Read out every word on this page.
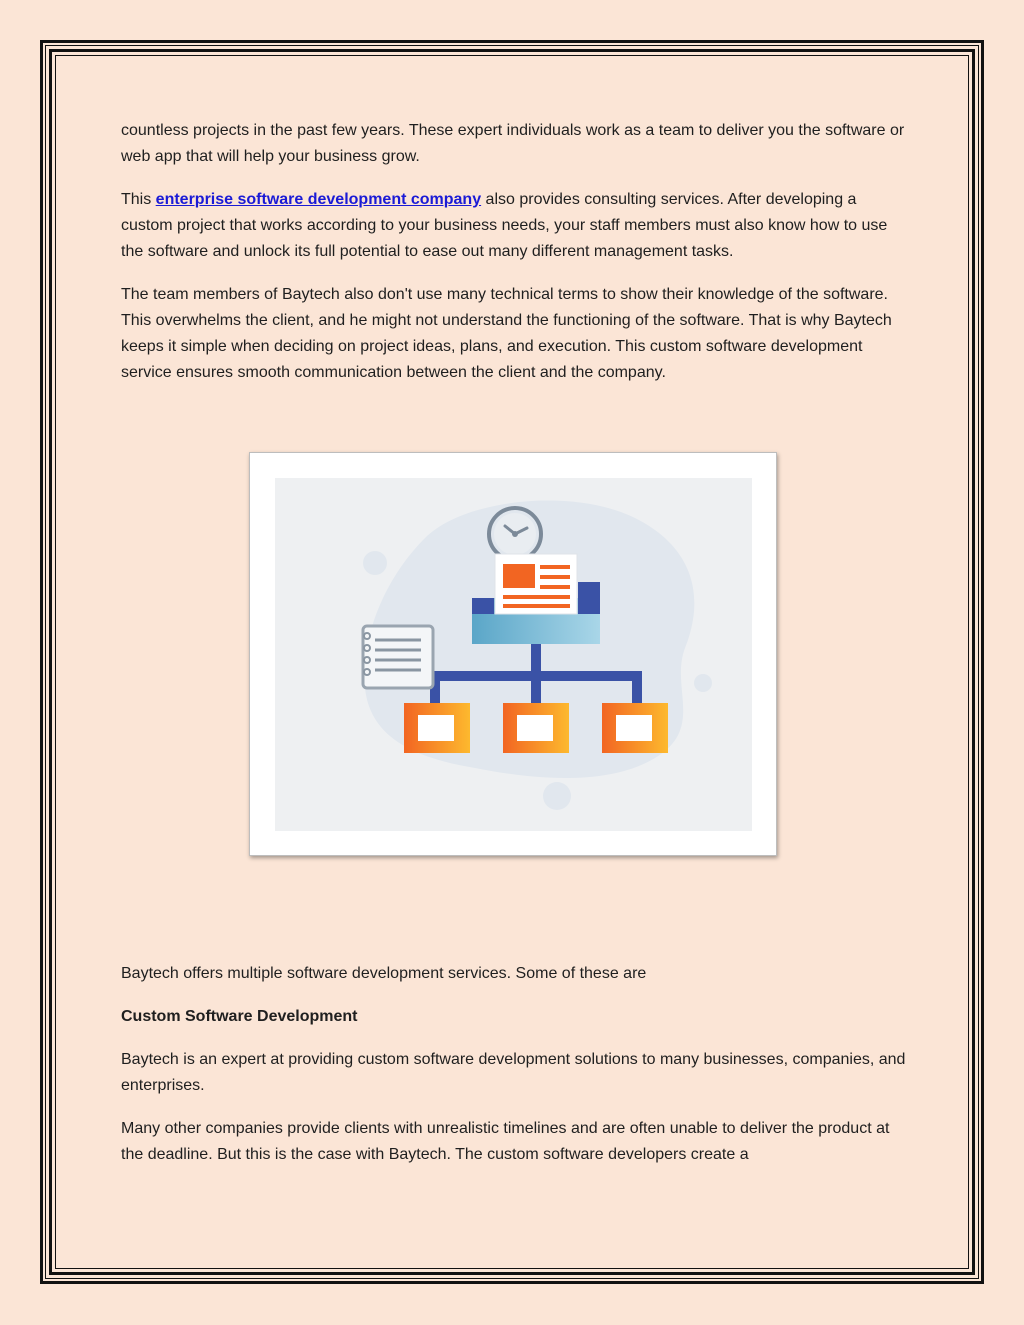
countless projects in the past few years. These expert individuals work as a team to deliver you the software or web app that will help your business grow.

This enterprise software development company also provides consulting services. After developing a custom project that works according to your business needs, your staff members must also know how to use the software and unlock its full potential to ease out many different management tasks.

The team members of Baytech also don't use many technical terms to show their knowledge of the software. This overwhelms the client, and he might not understand the functioning of the software. That is why Baytech keeps it simple when deciding on project ideas, plans, and execution. This custom software development service ensures smooth communication between the client and the company.

Baytech offers multiple software development services. Some of these are

Custom Software Development

Baytech is an expert at providing custom software development solutions to many businesses, companies, and enterprises.

Many other companies provide clients with unrealistic timelines and are often unable to deliver the product at the deadline. But this is the case with Baytech. The custom software developers create a
